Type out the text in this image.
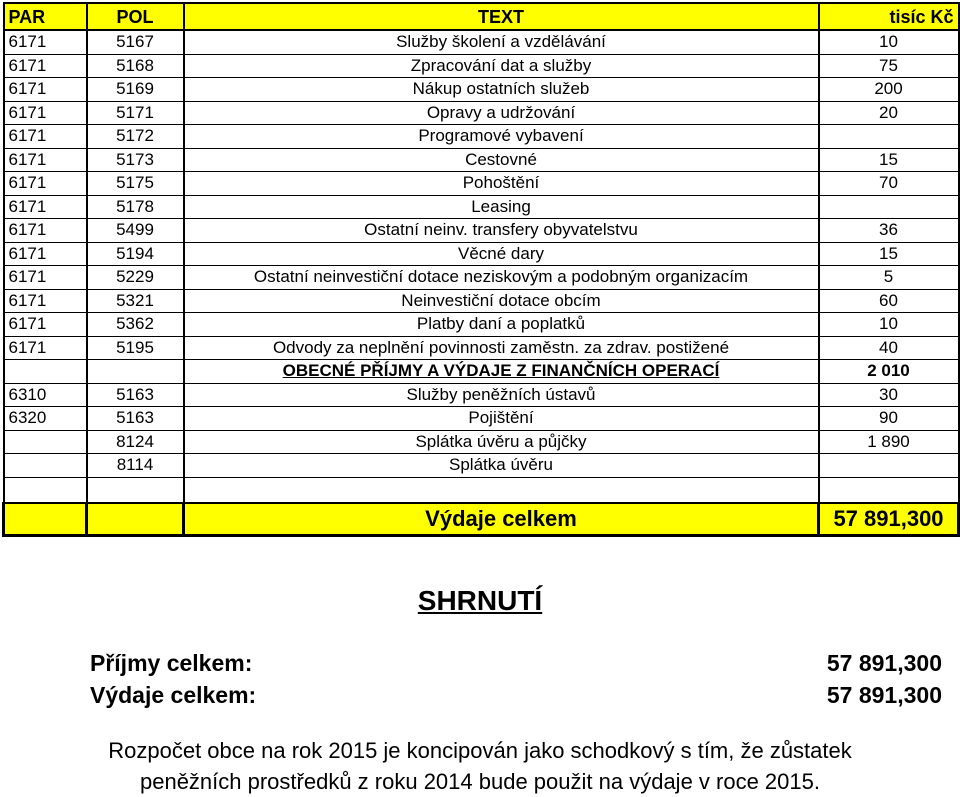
PAR	POL	TEXT	tisíc Kč
6171	5167	Služby školení a vzdělávání	10
6171	5168	Zpracování dat a služby	75
6171	5169	Nákup ostatních služeb	200
6171	5171	Opravy a udržování	20
6171	5172	Programové vybavení	
6171	5173	Cestovné	15
6171	5175	Pohoštění	70
6171	5178	Leasing	
6171	5499	Ostatní neinv. transfery obyvatelstvu	36
6171	5194	Věcné dary	15
6171	5229	Ostatní neinvestiční dotace neziskovým a podobným organizacím	5
6171	5321	Neinvestiční dotace obcím	60
6171	5362	Platby daní a poplatků	10
6171	5195	Odvody za neplnění povinnosti zaměstn. za zdrav. postižené	40
		OBECNÉ PŘÍJMY A VÝDAJE Z FINANČNÍCH OPERACÍ	2 010
6310	5163	Služby peněžních ústavů	30
6320	5163	Pojištění	90
	8124	Splátka úvěru a půjčky	1 890
	8114	Splátka úvěru	

		Výdaje celkem	57 891,300
SHRNUTÍ
Příjmy celkem:	57 891,300
Výdaje celkem:	57 891,300
Rozpočet obce na rok 2015 je koncipován jako schodkový s tím, že zůstatek
peněžních prostředků z roku 2014 bude použit na výdaje v roce 2015.
